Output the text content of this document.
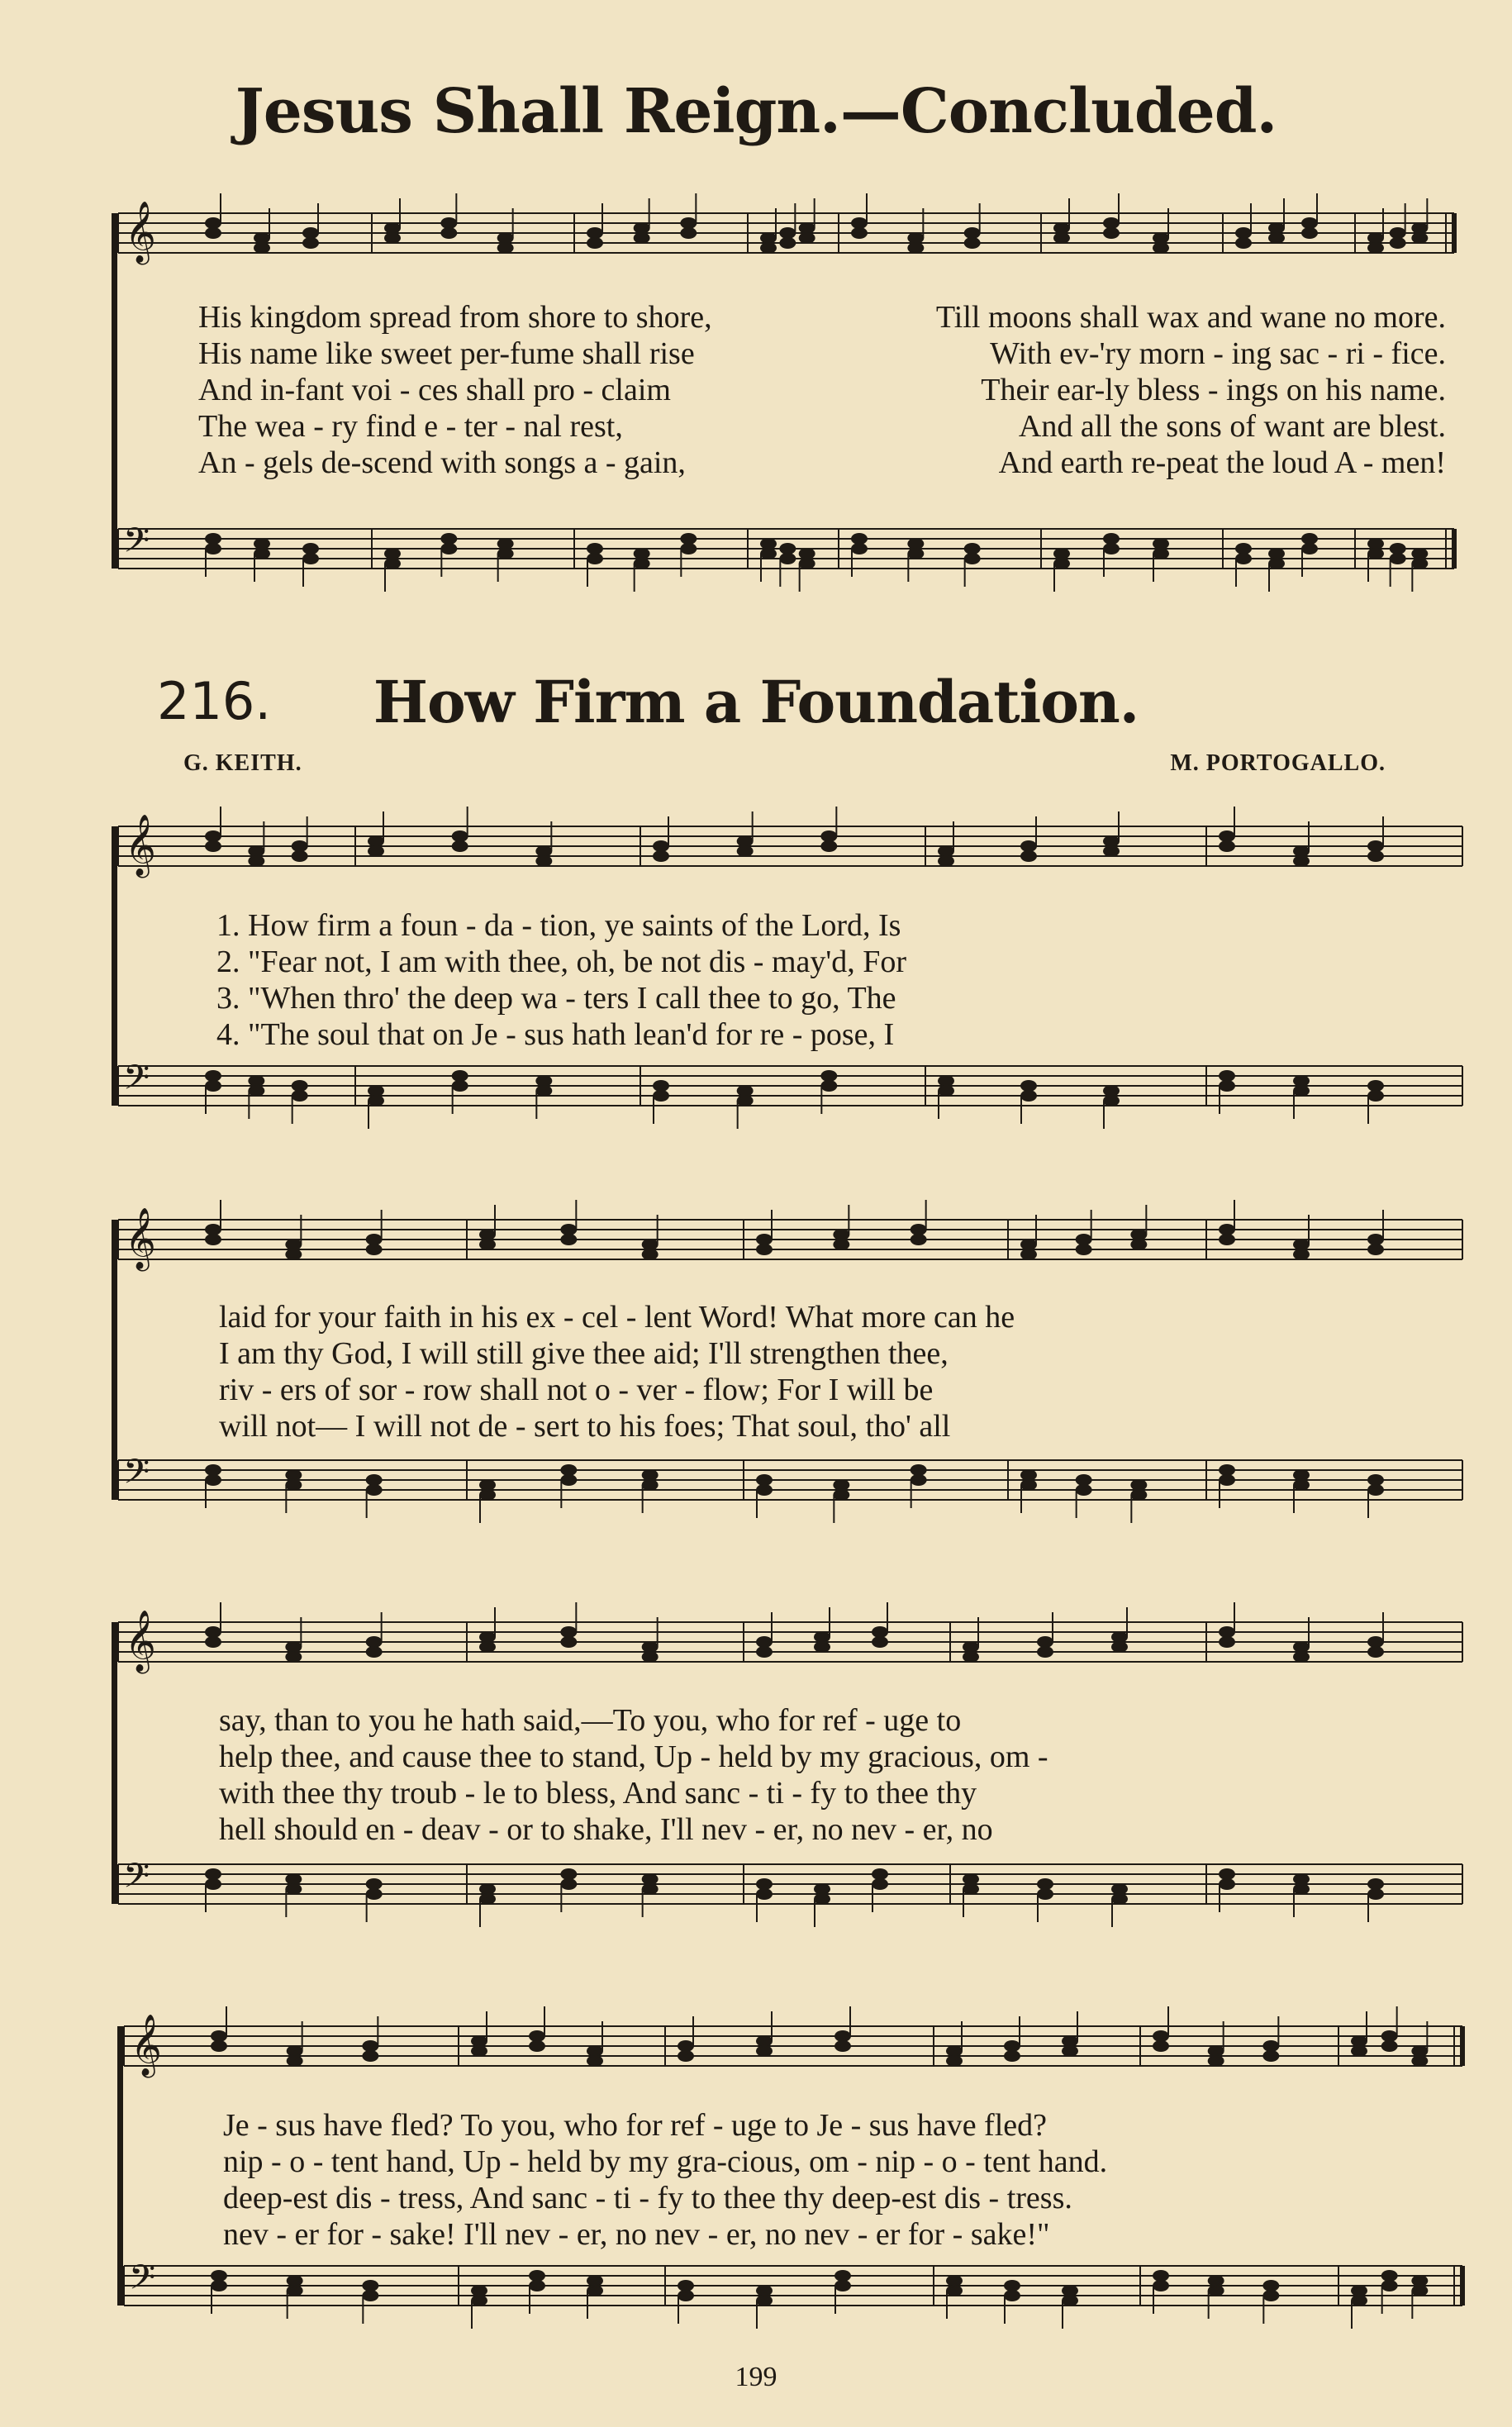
Jesus Shall Reign.—Concluded.
216.	How Firm a Foundation.
G. KEITH.	M. PORTOGALLO.
𝄞
𝄢
𝄞
𝄢
𝄞
𝄢
𝄞
𝄢
𝄞
𝄢
His kingdom spread from shore to shore,	Till moons shall wax and wane no more.
His name like sweet per-fume shall rise	With ev-'ry morn - ing sac - ri - fice.
And in-fant voi - ces shall pro - claim	Their ear-ly bless - ings on his name.
The wea - ry find e - ter - nal rest,	And all the sons of want are blest.
An - gels de-scend with songs a - gain,	And earth re-peat the loud A - men!
1. How firm a foun - da - tion, ye saints of the Lord, Is
2. "Fear not, I am with thee, oh, be not dis - may'd, For
3. "When thro' the deep wa - ters I call thee to go, The
4. "The soul that on Je - sus hath lean'd for re - pose, I
laid for your faith in his ex - cel - lent Word! What more can he
I am thy God, I will still give thee aid; I'll strengthen thee,
riv - ers of sor - row shall not o - ver - flow; For I will be
will not— I will not de - sert to his foes; That soul, tho' all
say, than to you he hath said,—To you, who for ref - uge to
help thee, and cause thee to stand, Up - held by my gracious, om -
with thee thy troub - le to bless, And sanc - ti - fy to thee thy
hell should en - deav - or to shake, I'll nev - er, no nev - er, no
Je - sus have fled? To you, who for ref - uge to Je - sus have fled?
nip - o - tent hand, Up - held by my gra-cious, om - nip - o - tent hand.
deep-est dis - tress, And sanc - ti - fy to thee thy deep-est dis - tress.
nev - er for - sake! I'll nev - er, no nev - er, no nev - er for - sake!"
199
